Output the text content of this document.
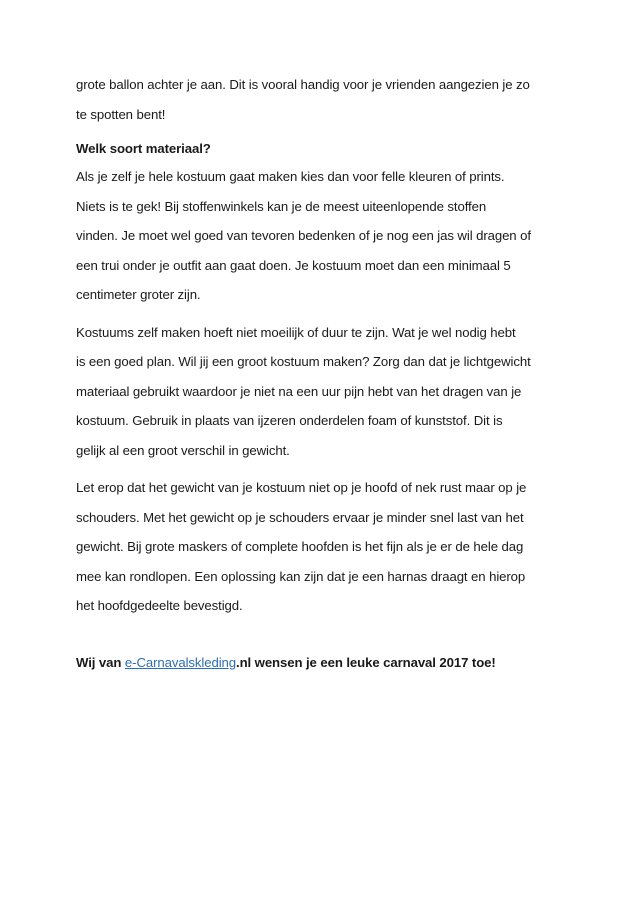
grote ballon achter je aan. Dit is vooral handig voor je vrienden aangezien je zo

te spotten bent!

Welk soort materiaal?

Als je zelf je hele kostuum gaat maken kies dan voor felle kleuren of prints.

Niets is te gek! Bij stoffenwinkels kan je de meest uiteenlopende stoffen

vinden. Je moet wel goed van tevoren bedenken of je nog een jas wil dragen of

een trui onder je outfit aan gaat doen. Je kostuum moet dan een minimaal 5

centimeter groter zijn.

Kostuums zelf maken hoeft niet moeilijk of duur te zijn. Wat je wel nodig hebt

is een goed plan. Wil jij een groot kostuum maken? Zorg dan dat je lichtgewicht

materiaal gebruikt waardoor je niet na een uur pijn hebt van het dragen van je

kostuum. Gebruik in plaats van ijzeren onderdelen foam of kunststof. Dit is

gelijk al een groot verschil in gewicht.

Let erop dat het gewicht van je kostuum niet op je hoofd of nek rust maar op je

schouders. Met het gewicht op je schouders ervaar je minder snel last van het

gewicht. Bij grote maskers of complete hoofden is het fijn als je er de hele dag

mee kan rondlopen. Een oplossing kan zijn dat je een harnas draagt en hierop

het hoofdgedeelte bevestigd.

Wij van e-Carnavalskleding.nl wensen je een leuke carnaval 2017 toe!
